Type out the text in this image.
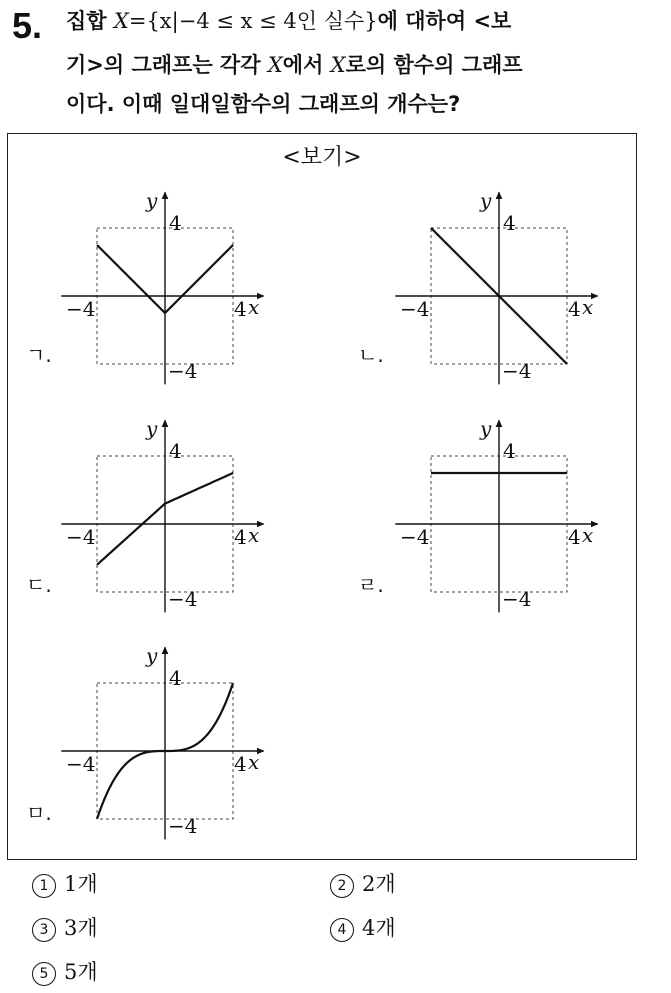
5. 집합 X={x|−4 ≤ x ≤ 4인 실수}에 대하여 <보
기>의 그래프는 각각 X에서 X로의 함수의 그래프
이다. 이때 일대일함수의 그래프의 개수는?
<보기>
y
4
−4	4 x
−4
ㄱ.
y
4
−4	4 x
−4
ㄴ.
y
4
−4	4 x
−4
ㄷ.
y
4
−4	4 x
−4
ㄹ.
y
4
−4	4 x
−4
ㅁ.
1 1개	2 2개
3 3개	4 4개
5 5개
